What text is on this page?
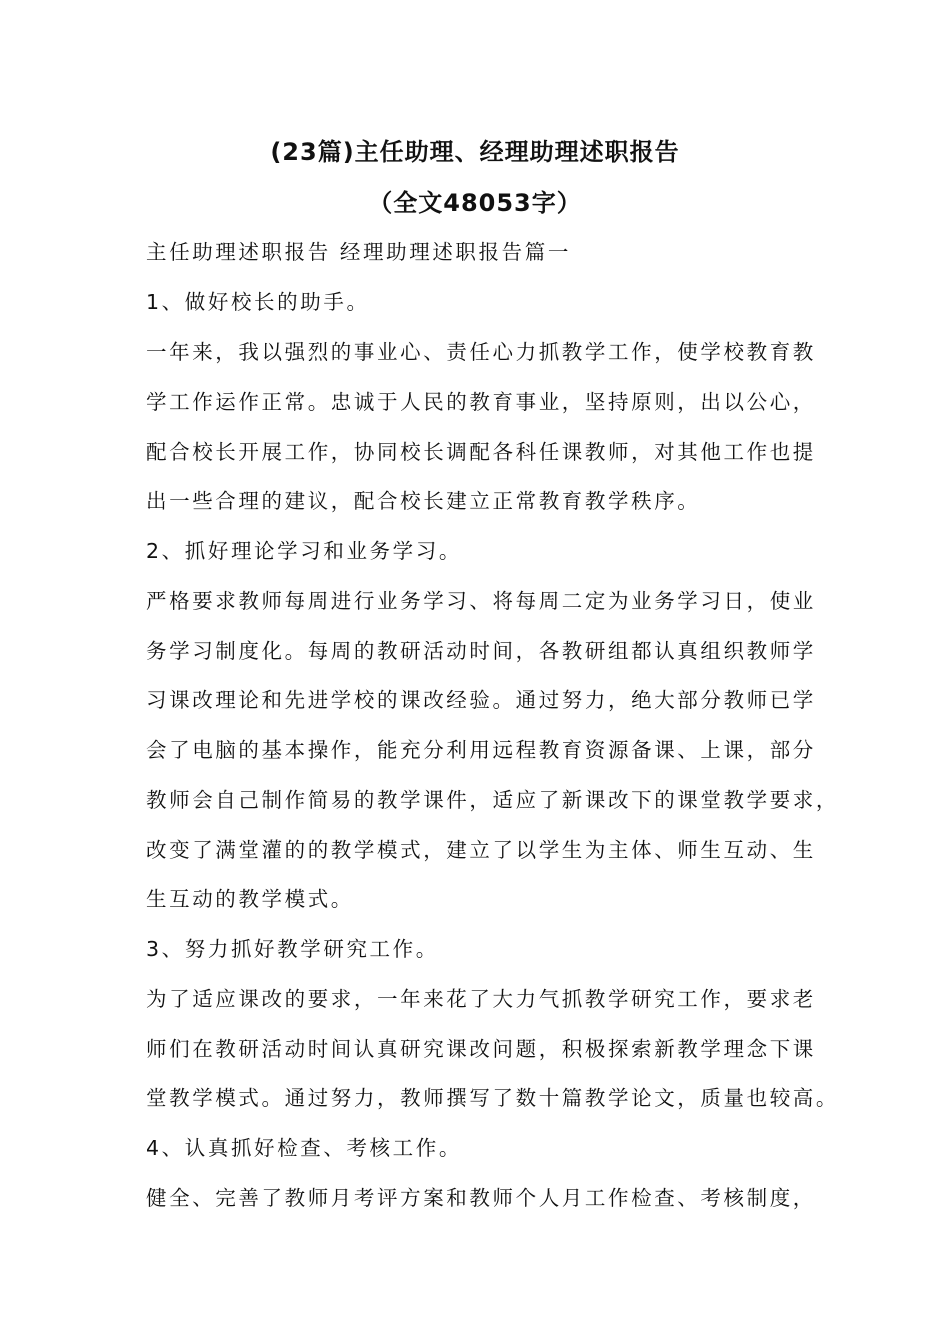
(23篇)主任助理、经理助理述职报告
（全文48053字）
主任助理述职报告 经理助理述职报告篇一
1、做好校长的助手。
一年来，我以强烈的事业心、责任心力抓教学工作，使学校教育教
学工作运作正常。忠诚于人民的教育事业，坚持原则，出以公心，
配合校长开展工作，协同校长调配各科任课教师，对其他工作也提
出一些合理的建议，配合校长建立正常教育教学秩序。
2、抓好理论学习和业务学习。
严格要求教师每周进行业务学习、将每周二定为业务学习日，使业
务学习制度化。每周的教研活动时间，各教研组都认真组织教师学
习课改理论和先进学校的课改经验。通过努力，绝大部分教师已学
会了电脑的基本操作，能充分利用远程教育资源备课、上课，部分
教师会自己制作简易的教学课件，适应了新课改下的课堂教学要求，
改变了满堂灌的的教学模式，建立了以学生为主体、师生互动、生
生互动的教学模式。
3、努力抓好教学研究工作。
为了适应课改的要求，一年来花了大力气抓教学研究工作，要求老
师们在教研活动时间认真研究课改问题，积极探索新教学理念下课
堂教学模式。通过努力，教师撰写了数十篇教学论文，质量也较高。
4、认真抓好检查、考核工作。
健全、完善了教师月考评方案和教师个人月工作检查、考核制度，
